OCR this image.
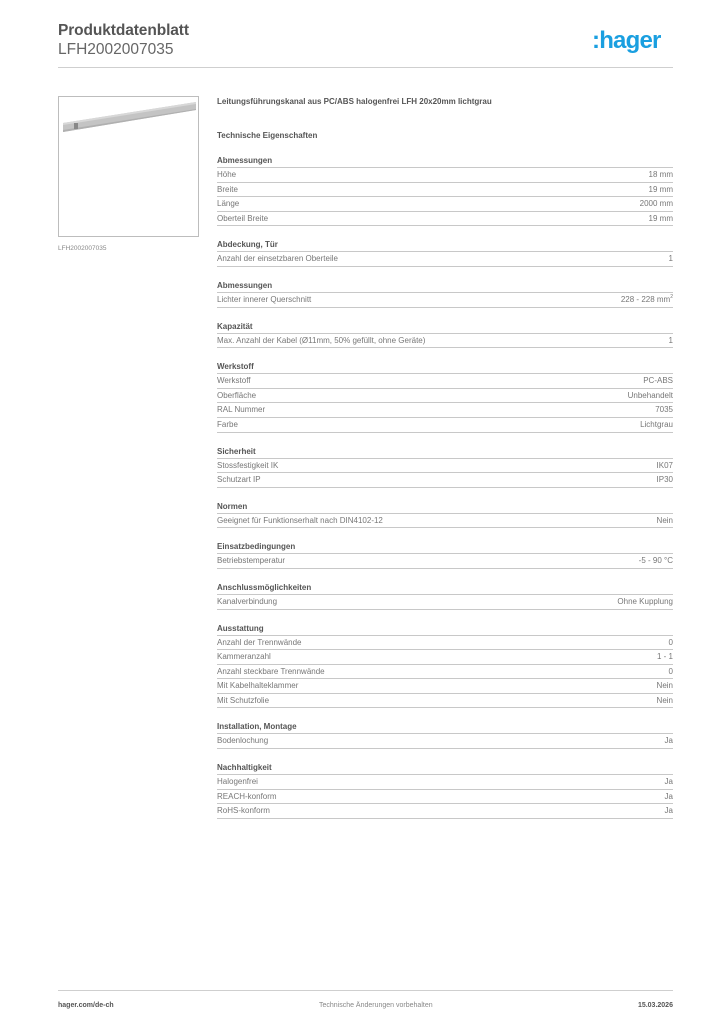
Produktdatenblatt
LFH2002007035	:hager
LFH2002007035
Leitungsführungskanal aus PC/ABS halogenfrei LFH 20x20mm lichtgrau
Technische Eigenschaften
Abmessungen
Höhe	18 mm
Breite	19 mm
Länge	2000 mm
Oberteil Breite	19 mm
Abdeckung, Tür
Anzahl der einsetzbaren Oberteile	1
Abmessungen
Lichter innerer Querschnitt	228 - 228 $mm^2$
Kapazität
Max. Anzahl der Kabel (Ø11mm, 50% gefüllt, ohne Geräte)	1
Werkstoff
Werkstoff	PC-ABS
Oberfläche	Unbehandelt
RAL Nummer	7035
Farbe	Lichtgrau
Sicherheit
Stossfestigkeit IK	IK07
Schutzart IP	IP30
Normen
Geeignet für Funktionserhalt nach DIN4102-12	Nein
Einsatzbedingungen
Betriebstemperatur	-5 - 90 °C
Anschlussmöglichkeiten
Kanalverbindung	Ohne Kupplung
Ausstattung
Anzahl der Trennwände	0
Kammeranzahl	1 - 1
Anzahl steckbare Trennwände	0
Mit Kabelhalteklammer	Nein
Mit Schutzfolie	Nein
Installation, Montage
Bodenlochung	Ja
Nachhaltigkeit
Halogenfrei	Ja
REACH-konform	Ja
RoHS-konform	Ja
hager.com/de-ch	Technische Änderungen vorbehalten	15.03.2026
